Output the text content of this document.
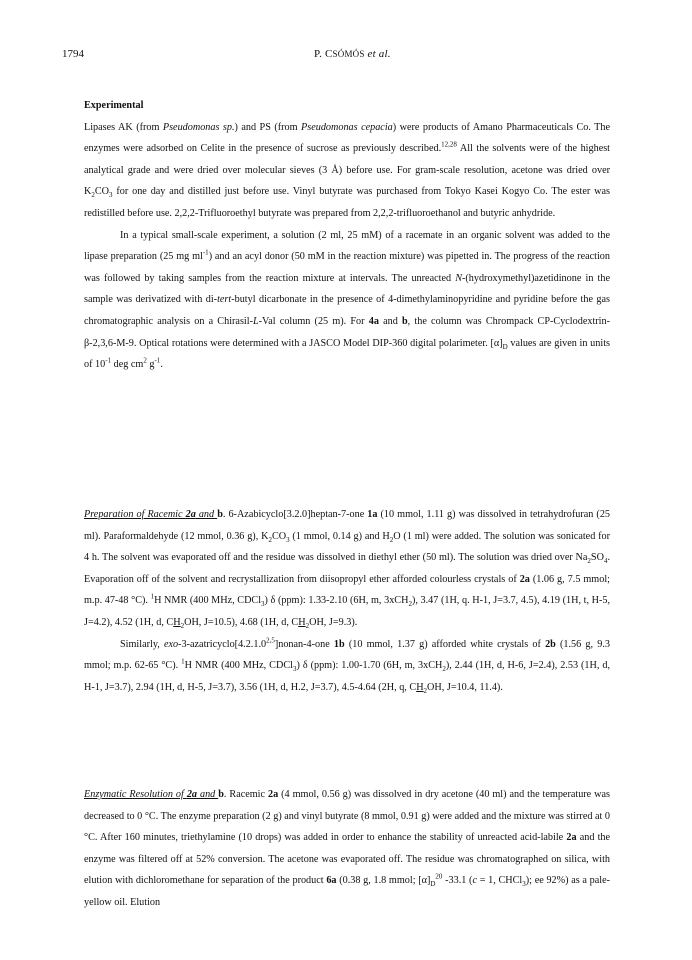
1794	P. CSÓMÓS et al.
Experimental

Lipases AK (from Pseudomonas sp.) and PS (from Pseudomonas cepacia) were products of Amano Pharmaceuticals Co. The enzymes were adsorbed on Celite in the presence of sucrose as previously described.$^{12,28}$ All the solvents were of the highest analytical grade and were dried over molecular sieves (3 Å) before use. For gram-scale resolution, acetone was dried over $K_2CO_3$ for one day and distilled just before use. Vinyl butyrate was purchased from Tokyo Kasei Kogyo Co. The ester was redistilled before use. 2,2,2-Trifluoroethyl butyrate was prepared from 2,2,2-trifluoroethanol and butyric anhydride.

In a typical small-scale experiment, a solution (2 ml, 25 mM) of a racemate in an organic solvent was added to the lipase preparation (25 mg $ml^{-1}$) and an acyl donor (50 mM in the reaction mixture) was pipetted in. The progress of the reaction was followed by taking samples from the reaction mixture at intervals. The unreacted N-(hydroxymethyl)azetidinone in the sample was derivatized with di-tert-butyl dicarbonate in the presence of 4-dimethylaminopyridine and pyridine before the gas chromatographic analysis on a Chirasil-L-Val column (25 m). For 4a and b, the column was Chrompack CP-Cyclodextrin-β-2,3,6-M-9. Optical rotations were determined with a JASCO Model DIP-360 digital polarimeter. $[\alpha]_D$ values are given in units of $10^{-1}$ deg $cm^2$ $g^{-1}$.

Preparation of Racemic 2a and b. 6-Azabicyclo[3.2.0]heptan-7-one 1a (10 mmol, 1.11 g) was dissolved in tetrahydrofuran (25 ml). Paraformaldehyde (12 mmol, 0.36 g), $K_2CO_3$ (1 mmol, 0.14 g) and $H_2O$ (1 ml) were added. The solution was sonicated for 4 h. The solvent was evaporated off and the residue was dissolved in diethyl ether (50 ml). The solution was dried over $Na_2SO_4$. Evaporation off of the solvent and recrystallization from diisopropyl ether afforded colourless crystals of 2a (1.06 g, 7.5 mmol; m.p. 47-48 °C). $^1$H NMR (400 MHz, CDCl$_3$) δ (ppm): 1.33-2.10 (6H, m, 3xCH$_2$), 3.47 (1H, q. H-1, J=3.7, 4.5), 4.19 (1H, t, H-5, J=4.2), 4.52 (1H, d, $CH_2OH$, J=10.5), 4.68 (1H, d, $CH_2OH$, J=9.3).

Similarly, exo-3-azatricyclo[4.2.1.0$^{2,5}$]nonan-4-one 1b (10 mmol, 1.37 g) afforded white crystals of 2b (1.56 g, 9.3 mmol; m.p. 62-65 °C). $^1$H NMR (400 MHz, CDCl$_3$) δ (ppm): 1.00-1.70 (6H, m, 3xCH$_2$), 2.44 (1H, d, H-6, J=2.4), 2.53 (1H, d, H-1, J=3.7), 2.94 (1H, d, H-5, J=3.7), 3.56 (1H, d, H.2, J=3.7), 4.5-4.64 (2H, q, $CH_2OH$, J=10.4, 11.4).

Enzymatic Resolution of 2a and b. Racemic 2a (4 mmol, 0.56 g) was dissolved in dry acetone (40 ml) and the temperature was decreased to 0 °C. The enzyme preparation (2 g) and vinyl butyrate (8 mmol, 0.91 g) were added and the mixture was stirred at 0 °C. After 160 minutes, triethylamine (10 drops) was added in order to enhance the stability of unreacted acid-labile 2a and the enzyme was filtered off at 52% conversion. The acetone was evaporated off. The residue was chromatographed on silica, with elution with dichloromethane for separation of the product 6a (0.38 g, 1.8 mmol; $[\alpha]_D^{20}$ -33.1 (c = 1, CHCl$_3$); ee 92%) as a pale-yellow oil. Elution
